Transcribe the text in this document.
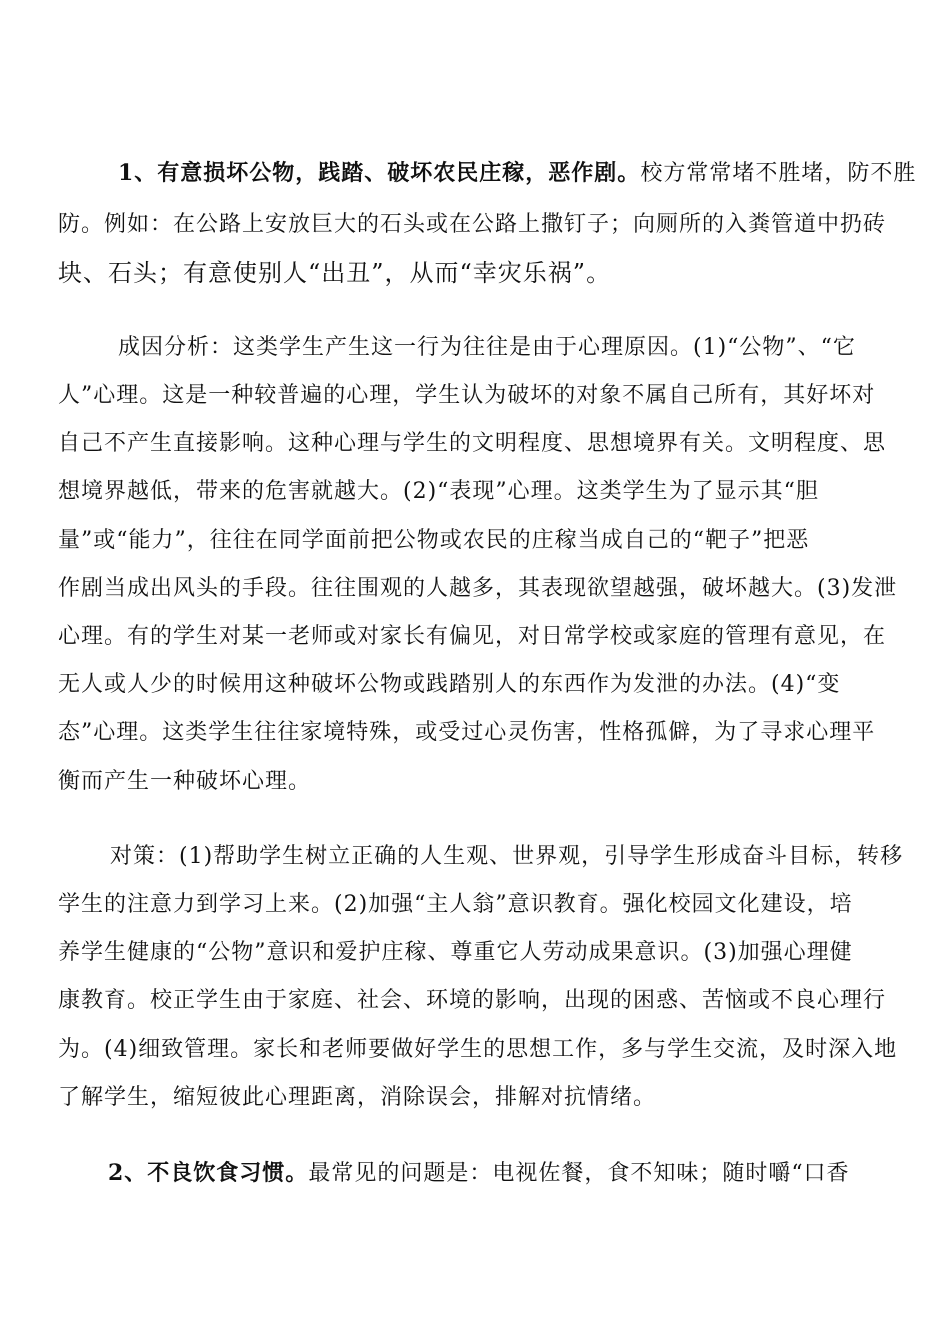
1、有意损坏公物，践踏、破坏农民庄稼，恶作剧。校方常常堵不胜堵，防不胜
防。例如：在公路上安放巨大的石头或在公路上撒钉子；向厕所的入粪管道中扔砖
块、石头；有意使别人“出丑”，从而“幸灾乐祸”。
成因分析：这类学生产生这一行为往往是由于心理原因。(1)“公物”、“它
人”心理。这是一种较普遍的心理，学生认为破坏的对象不属自己所有，其好坏对
自己不产生直接影响。这种心理与学生的文明程度、思想境界有关。文明程度、思
想境界越低，带来的危害就越大。(2)“表现”心理。这类学生为了显示其“胆
量”或“能力”，往往在同学面前把公物或农民的庄稼当成自己的“靶子”把恶
作剧当成出风头的手段。往往围观的人越多，其表现欲望越强，破坏越大。(3)发泄
心理。有的学生对某一老师或对家长有偏见，对日常学校或家庭的管理有意见，在
无人或人少的时候用这种破坏公物或践踏别人的东西作为发泄的办法。(4)“变
态”心理。这类学生往往家境特殊，或受过心灵伤害，性格孤僻，为了寻求心理平
衡而产生一种破坏心理。
对策：(1)帮助学生树立正确的人生观、世界观，引导学生形成奋斗目标，转移
学生的注意力到学习上来。(2)加强“主人翁”意识教育。强化校园文化建设，培
养学生健康的“公物”意识和爱护庄稼、尊重它人劳动成果意识。(3)加强心理健
康教育。校正学生由于家庭、社会、环境的影响，出现的困惑、苦恼或不良心理行
为。(4)细致管理。家长和老师要做好学生的思想工作，多与学生交流，及时深入地
了解学生，缩短彼此心理距离，消除误会，排解对抗情绪。
2、不良饮食习惯。最常见的问题是：电视佐餐，食不知味；随时嚼“口香
